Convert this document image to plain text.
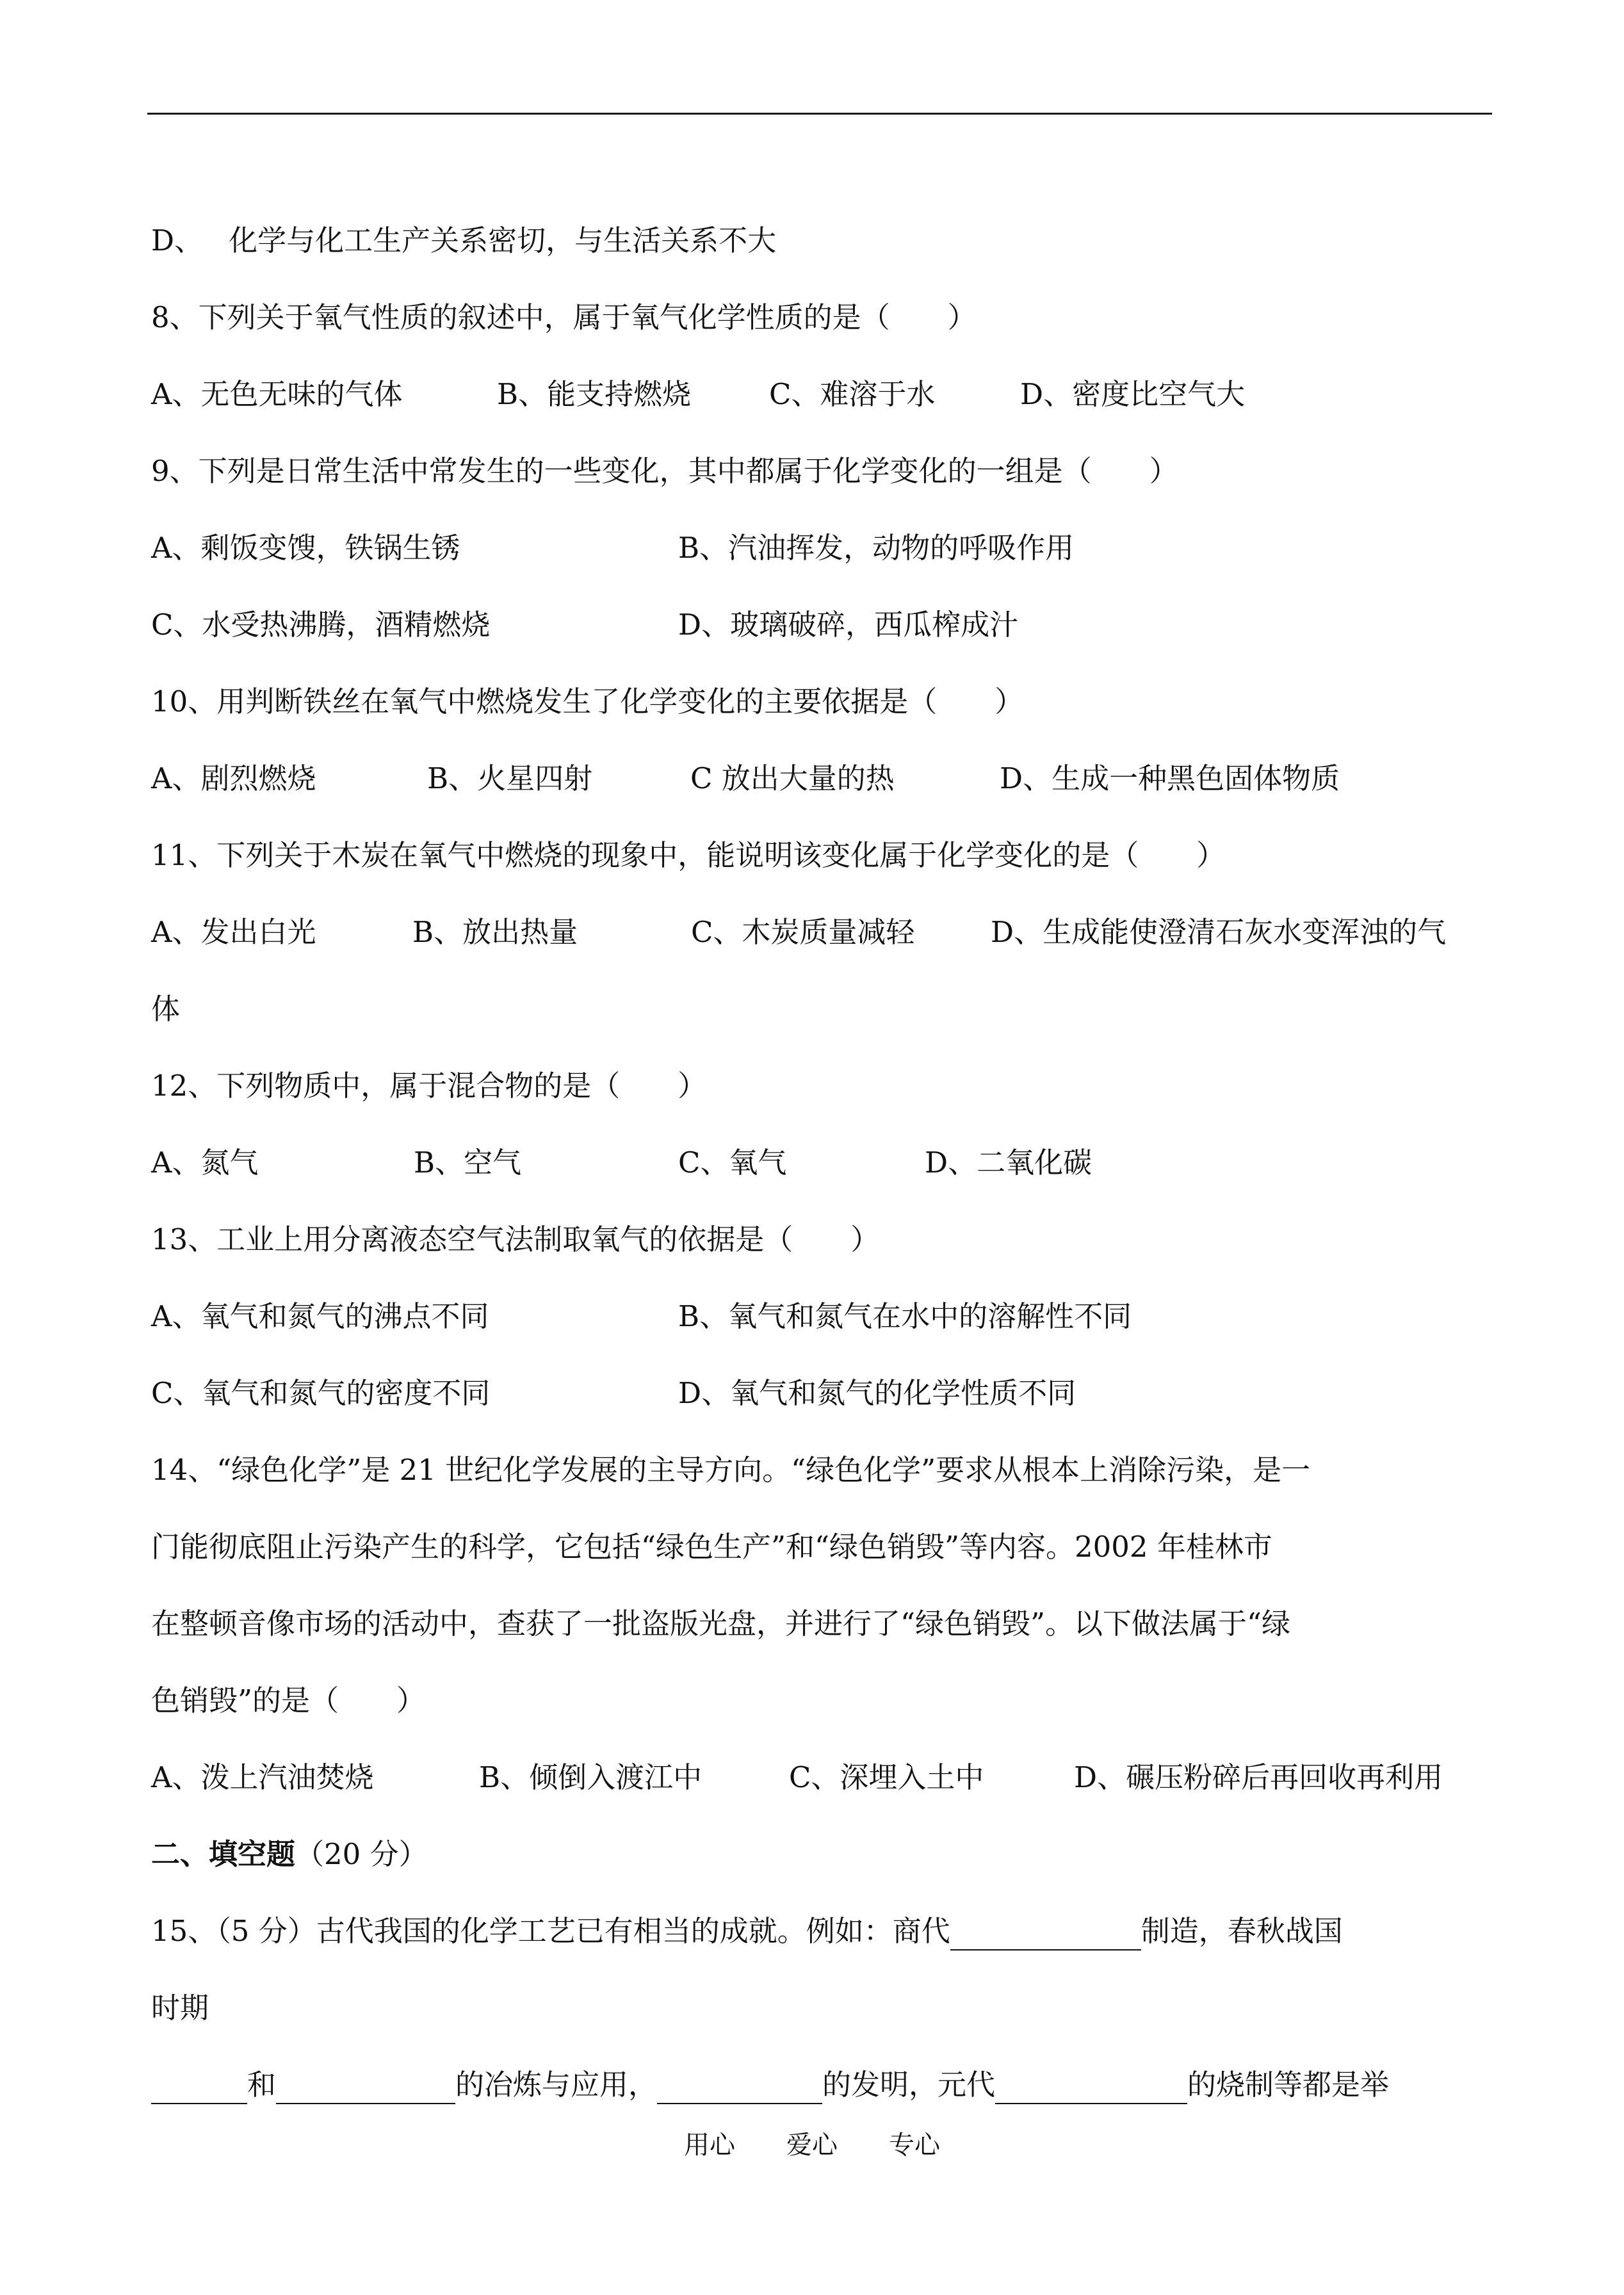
D、 化学与化工生产关系密切，与生活关系不大
8、下列关于氧气性质的叙述中，属于氧气化学性质的是（　　）
A、无色无味的气体	B、能支持燃烧	C、难溶于水	D、密度比空气大
9、下列是日常生活中常发生的一些变化，其中都属于化学变化的一组是（　　）
A、剩饭变馊，铁锅生锈	B、汽油挥发，动物的呼吸作用
C、水受热沸腾，酒精燃烧	D、玻璃破碎，西瓜榨成汁
10、用判断铁丝在氧气中燃烧发生了化学变化的主要依据是（　　）
A、剧烈燃烧	B、火星四射	C 放出大量的热	D、生成一种黑色固体物质
11、下列关于木炭在氧气中燃烧的现象中，能说明该变化属于化学变化的是（　　）
A、发出白光	B、放出热量	C、木炭质量减轻	D、生成能使澄清石灰水变浑浊的气
体
12、下列物质中，属于混合物的是（　　）
A、氮气	B、空气	C、氧气	D、二氧化碳
13、工业上用分离液态空气法制取氧气的依据是（　　）
A、氧气和氮气的沸点不同	B、氧气和氮气在水中的溶解性不同
C、氧气和氮气的密度不同	D、氧气和氮气的化学性质不同
14、“绿色化学”是 21 世纪化学发展的主导方向。“绿色化学”要求从根本上消除污染，是一
门能彻底阻止污染产生的科学，它包括“绿色生产”和“绿色销毁”等内容。2002 年桂林市
在整顿音像市场的活动中，查获了一批盗版光盘，并进行了“绿色销毁”。以下做法属于“绿
色销毁”的是（　　）
A、泼上汽油焚烧	B、倾倒入渡江中	C、深埋入土中	D、碾压粉碎后再回收再利用
二、填空题（20 分）
15、（5 分）古代我国的化学工艺已有相当的成就。例如：商代	制造，春秋战国
时期
和	的冶炼与应用，	的发明，元代	的烧制等都是举
用心 爱心 专心
